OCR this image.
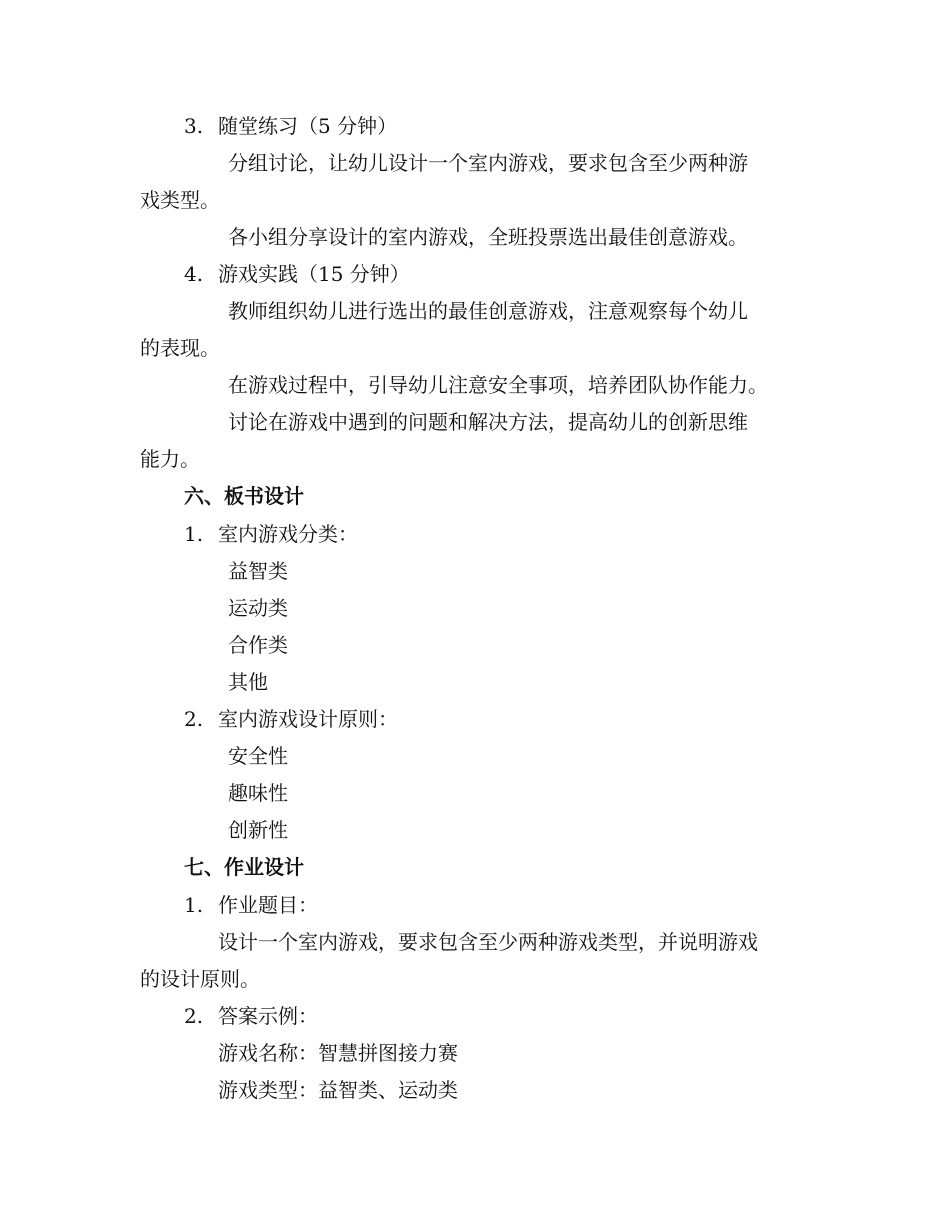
3. 随堂练习（5 分钟）
分组讨论，让幼儿设计一个室内游戏，要求包含至少两种游
戏类型。
各小组分享设计的室内游戏，全班投票选出最佳创意游戏。
4. 游戏实践（15 分钟）
教师组织幼儿进行选出的最佳创意游戏，注意观察每个幼儿
的表现。
在游戏过程中，引导幼儿注意安全事项，培养团队协作能力。
讨论在游戏中遇到的问题和解决方法，提高幼儿的创新思维
能力。
六、板书设计
1. 室内游戏分类：
益智类
运动类
合作类
其他
2. 室内游戏设计原则：
安全性
趣味性
创新性
七、作业设计
1. 作业题目：
设计一个室内游戏，要求包含至少两种游戏类型，并说明游戏
的设计原则。
2. 答案示例：
游戏名称：智慧拼图接力赛
游戏类型：益智类、运动类
